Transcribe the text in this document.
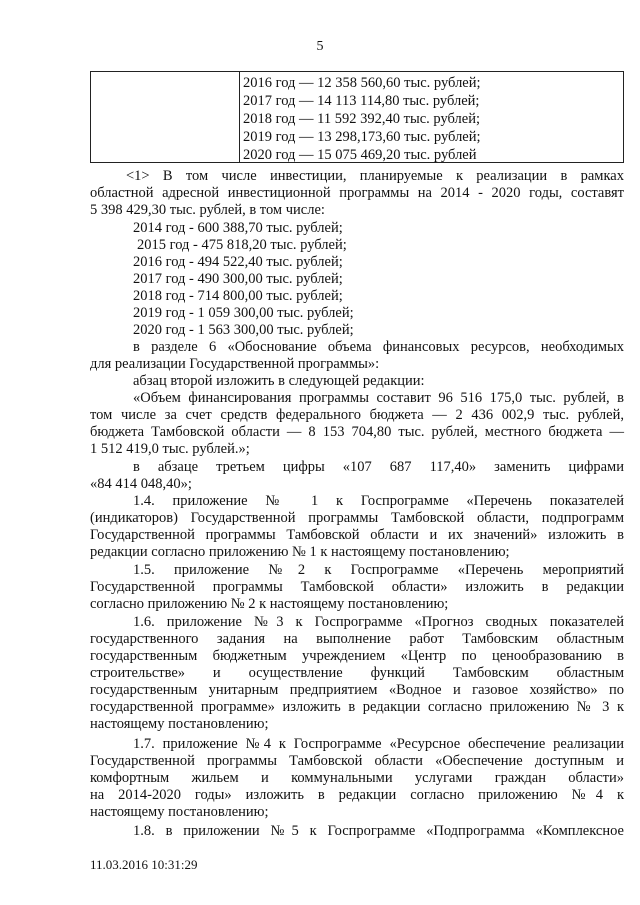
5
2016 год — 12 358 560,60 тыс. рублей;
2017 год — 14 113 114,80 тыс. рублей;
2018 год — 11 592 392,40 тыс. рублей;
2019 год — 13 298,173,60 тыс. рублей;
2020 год — 15 075 469,20 тыс. рублей
<1> В том числе инвестиции, планируемые к реализации в рамках
областной адресной инвестиционной программы на 2014 - 2020 годы, составят
5 398 429,30 тыс. рублей, в том числе:
2014 год - 600 388,70 тыс. рублей;
2015 год - 475 818,20 тыс. рублей;
2016 год - 494 522,40 тыс. рублей;
2017 год - 490 300,00 тыс. рублей;
2018 год - 714 800,00 тыс. рублей;
2019 год - 1 059 300,00 тыс. рублей;
2020 год - 1 563 300,00 тыс. рублей;
в разделе 6 «Обоснование объема финансовых ресурсов, необходимых
для реализации Государственной программы»:
абзац второй изложить в следующей редакции:
«Объем финансирования программы составит 96 516 175,0 тыс. рублей, в
том числе за счет средств федерального бюджета — 2 436 002,9 тыс. рублей,
бюджета Тамбовской области — 8 153 704,80 тыс. рублей, местного бюджета —
1 512 419,0 тыс. рублей.»;
в абзаце третьем цифры «107 687 117,40» заменить цифрами
«84 414 048,40»;
1.4. приложение № 1 к Госпрограмме «Перечень показателей
(индикаторов) Государственной программы Тамбовской области, подпрограмм
Государственной программы Тамбовской области и их значений» изложить в
редакции согласно приложению № 1 к настоящему постановлению;
1.5. приложение №2 к Госпрограмме «Перечень мероприятий
Государственной программы Тамбовской области» изложить в редакции
согласно приложению № 2 к настоящему постановлению;
1.6. приложение №3 к Госпрограмме «Прогноз сводных показателей
государственного задания на выполнение работ Тамбовским областным
государственным бюджетным учреждением «Центр по ценообразованию в
строительстве» и осуществление функций Тамбовским областным
государственным унитарным предприятием «Водное и газовое хозяйство» по
государственной программе» изложить в редакции согласно приложению № 3 к
настоящему постановлению;
1.7. приложение №4 к Госпрограмме «Ресурсное обеспечение реализации
Государственной программы Тамбовской области «Обеспечение доступным и
комфортным жильем и коммунальными услугами граждан области»
на 2014-2020 годы» изложить в редакции согласно приложению №4 к
настоящему постановлению;
1.8. в приложении №5 к Госпрограмме «Подпрограмма «Комплексное
11.03.2016 10:31:29
